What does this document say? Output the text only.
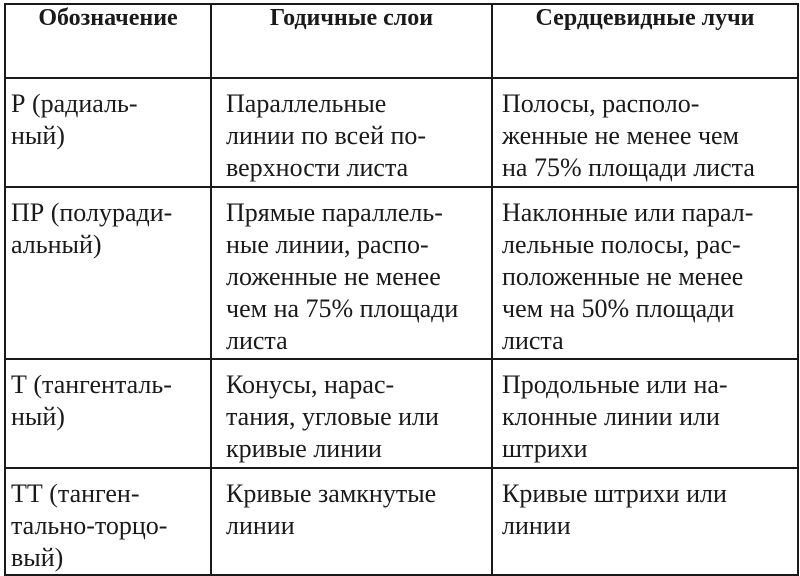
Обозначение	Годичные слои	Сердцевидные лучи

Р (радиаль-
ный)	Параллельные
линии по всей по-
верхности листа	Полосы, располо-
женные не менее чем
на 75% площади листа

ПР (полуради-
альный)	Прямые параллель-
ные линии, распо-
ложенные не менее
чем на 75% площади
листа	Наклонные или парал-
лельные полосы, рас-
положенные не менее
чем на 50% площади
листа

Т (тангенталь-
ный)	Конусы, нарас-
тания, угловые или
кривые линии	Продольные или на-
клонные линии или
штрихи

ТТ (танген-
тально-торцо-
вый)	Кривые замкнутые
линии	Кривые штрихи или
линии
